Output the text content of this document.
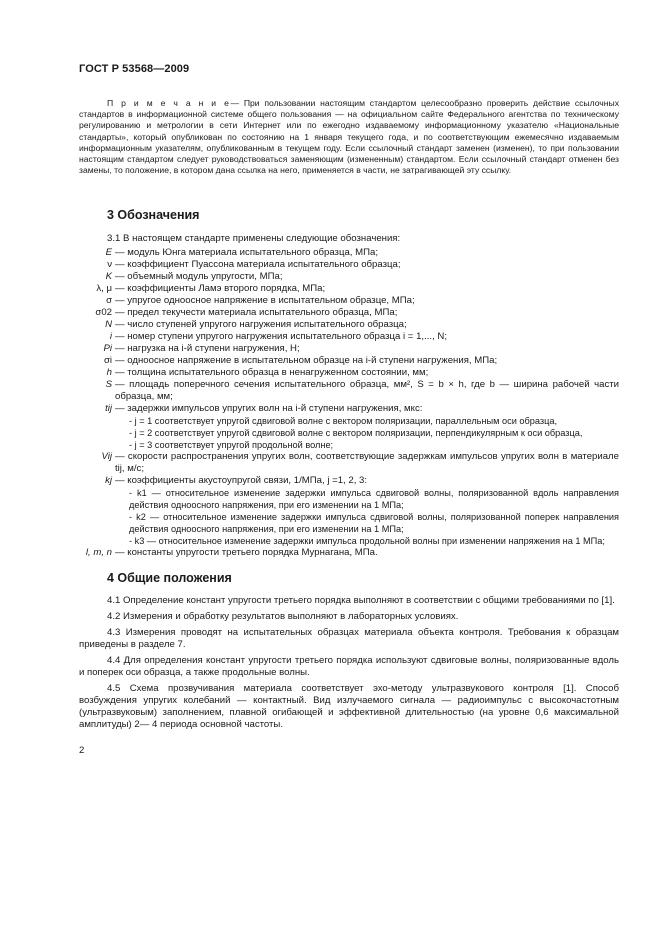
ГОСТ Р 53568—2009
П р и м е ч а н и е— При пользовании настоящим стандартом целесообразно проверить действие ссылочных стандартов в информационной системе общего пользования — на официальном сайте Федерального агентства по техническому регулированию и метрологии в сети Интернет или по ежегодно издаваемому информационному указателю «Национальные стандарты», который опубликован по состоянию на 1 января текущего года, и по соответствующим ежемесячно издаваемым информационным указателям, опубликованным в текущем году. Если ссылочный стандарт заменен (изменен), то при пользовании настоящим стандартом следует руководствоваться заменяющим (измененным) стандартом. Если ссылочный стандарт отменен без замены, то положение, в котором дана ссылка на него, применяется в части, не затрагивающей эту ссылку.
3 Обозначения
3.1 В настоящем стандарте применены следующие обозначения:
E — модуль Юнга материала испытательного образца, МПа;
ν — коэффициент Пуассона материала испытательного образца;
K — объемный модуль упругости, МПа;
λ, μ — коэффициенты Ламэ второго порядка, МПа;
σ — упругое одноосное напряжение в испытательном образце, МПа;
σ02 — предел текучести материала испытательного образца, МПа;
N — число ступеней упругого нагружения испытательного образца;
i — номер ступени упругого нагружения испытательного образца i = 1,..., N;
Pi — нагрузка на i-й ступени нагружения, Н;
σi — одноосное напряжение в испытательном образце на i-й ступени нагружения, МПа;
h — толщина испытательного образца в ненагруженном состоянии, мм;
S — площадь поперечного сечения испытательного образца, мм², S = b × h, где b — ширина рабочей части образца, мм;
tij — задержки импульсов упругих волн на i-й ступени нагружения, мкс:
- j = 1 соответствует упругой сдвиговой волне с вектором поляризации, параллельным оси образца,
- j = 2 соответствует упругой сдвиговой волне с вектором поляризации, перпендикулярным к оси образца,
- j = 3 соответствует упругой продольной волне;
Vij — скорости распространения упругих волн, соответствующие задержкам импульсов упругих волн в материале tij, м/с;
kj — коэффициенты акустоупругой связи, 1/МПа, j =1, 2, 3:
- k1 — относительное изменение задержки импульса сдвиговой волны, поляризованной вдоль направления действия одноосного напряжения, при его изменении на 1 МПа;
- k2 — относительное изменение задержки импульса сдвиговой волны, поляризованной поперек направления действия одноосного напряжения, при его изменении на 1 МПа;
- k3 — относительное изменение задержки импульса продольной волны при изменении напряжения на 1 МПа;
l, m, n — константы упругости третьего порядка Мурнагана, МПа.
4 Общие положения
4.1 Определение констант упругости третьего порядка выполняют в соответствии с общими требованиями по [1].
4.2 Измерения и обработку результатов выполняют в лабораторных условиях.
4.3 Измерения проводят на испытательных образцах материала объекта контроля. Требования к образцам приведены в разделе 7.
4.4 Для определения констант упругости третьего порядка используют сдвиговые волны, поляризованные вдоль и поперек оси образца, а также продольные волны.
4.5 Схема прозвучивания материала соответствует эхо-методу ультразвукового контроля [1]. Способ возбуждения упругих колебаний — контактный. Вид излучаемого сигнала — радиоимпульс с высокочастотным (ультразвуковым) заполнением, плавной огибающей и эффективной длительностью (на уровне 0,6 максимальной амплитуды) 2— 4 периода основной частоты.
2
